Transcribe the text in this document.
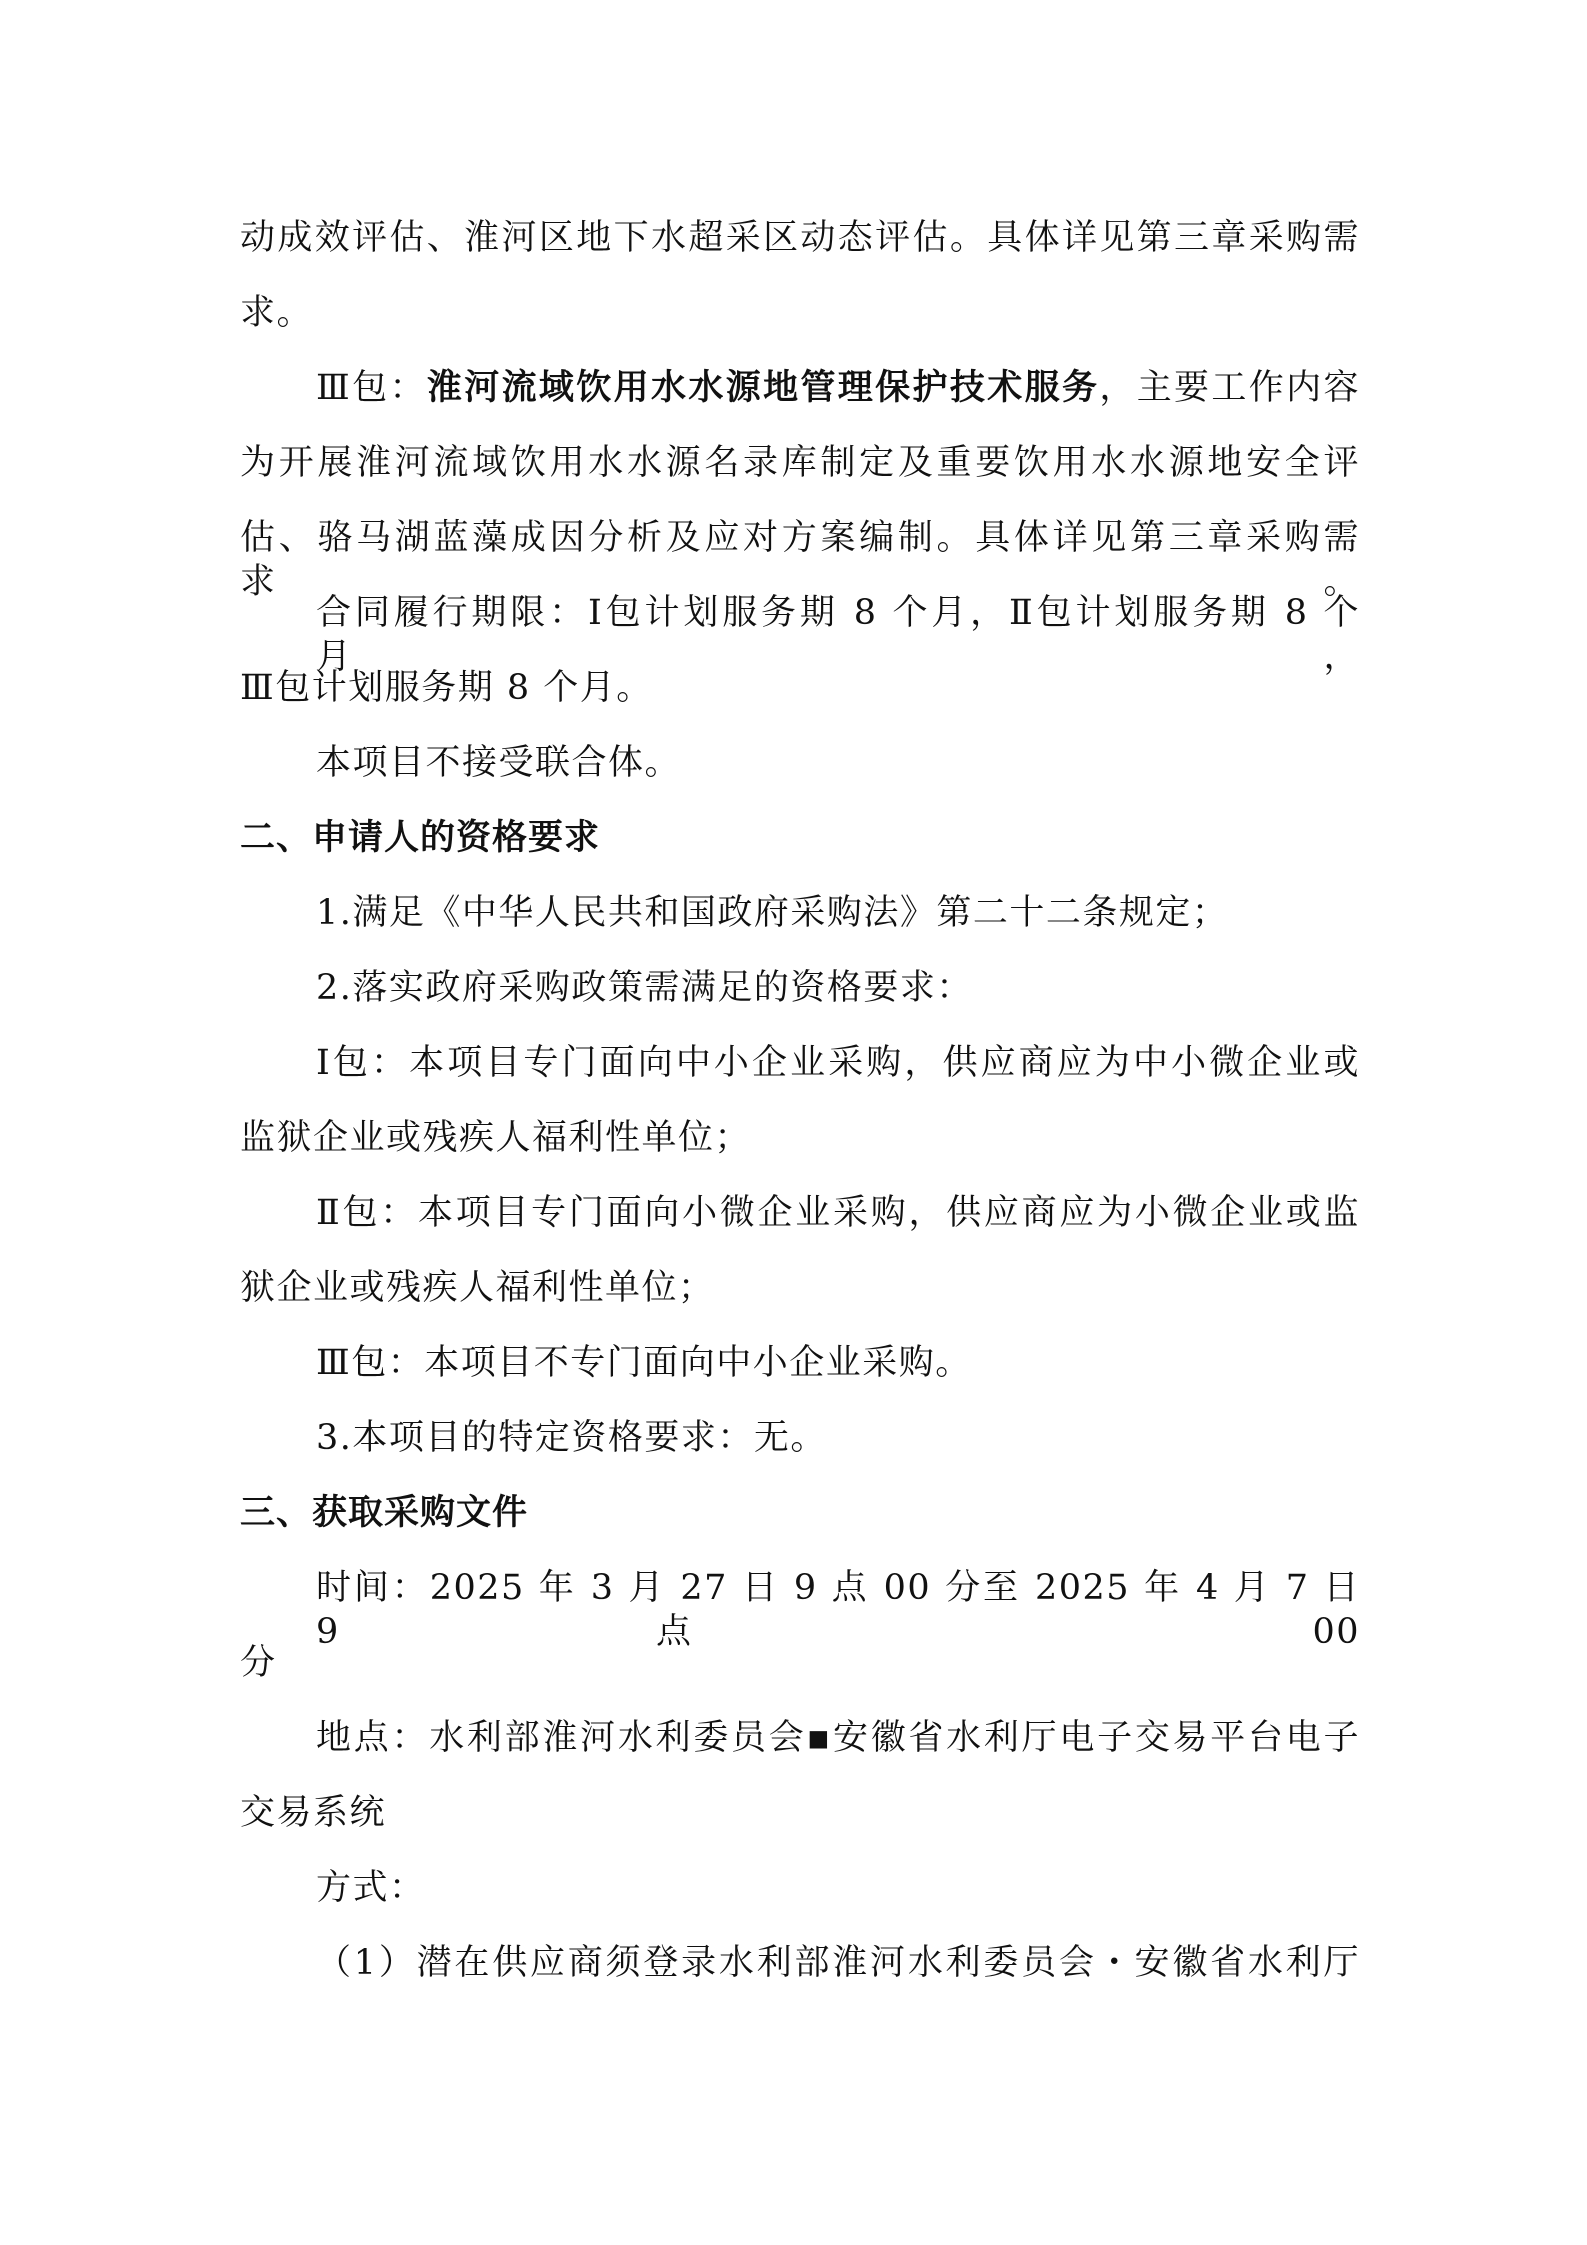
动成效评估、淮河区地下水超采区动态评估。具体详见第三章采购需
求。
Ⅲ包：淮河流域饮用水水源地管理保护技术服务，主要工作内容
为开展淮河流域饮用水水源名录库制定及重要饮用水水源地安全评
估、骆马湖蓝藻成因分析及应对方案编制。具体详见第三章采购需求。
合同履行期限：Ⅰ包计划服务期 8 个月，Ⅱ包计划服务期 8 个月，
Ⅲ包计划服务期 8 个月。
本项目不接受联合体。
二、申请人的资格要求
1.满足《中华人民共和国政府采购法》第二十二条规定；
2.落实政府采购政策需满足的资格要求：
Ⅰ包：本项目专门面向中小企业采购，供应商应为中小微企业或
监狱企业或残疾人福利性单位；
Ⅱ包：本项目专门面向小微企业采购，供应商应为小微企业或监
狱企业或残疾人福利性单位；
Ⅲ包：本项目不专门面向中小企业采购。
3.本项目的特定资格要求：无。
三、获取采购文件
时间：2025 年 3 月 27 日 9 点 00 分至 2025 年 4 月 7 日 9 点 00
分
地点：水利部淮河水利委员会▪安徽省水利厅电子交易平台电子
交易系统
方式：
（1）潜在供应商须登录水利部淮河水利委员会・安徽省水利厅
